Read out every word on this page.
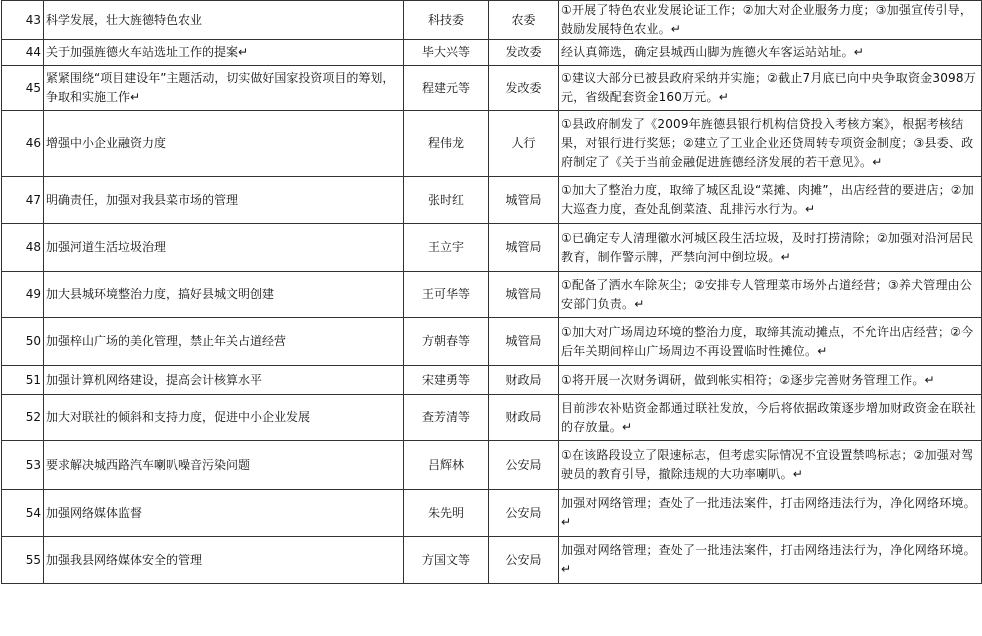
43	科学发展，壮大旌德特色农业	科技委	农委	①开展了特色农业发展论证工作；②加大对企业服务力度；③加强宣传引导，鼓励发展特色农业。↵
44	关于加强旌德火车站选址工作的提案↵	毕大兴等	发改委	经认真筛选，确定县城西山脚为旌德火车客运站站址。↵
45	紧紧围绕“项目建设年”主题活动，切实做好国家投资项目的筹划，争取和实施工作↵	程建元等	发改委	①建议大部分已被县政府采纳并实施；②截止7月底已向中央争取资金3098万元，省级配套资金160万元。↵
46	增强中小企业融资力度	程伟龙	人行	①县政府制发了《2009年旌德县银行机构信贷投入考核方案》，根据考核结果，对银行进行奖惩；②建立了工业企业还贷周转专项资金制度；③县委、政府制定了《关于当前金融促进旌德经济发展的若干意见》。↵
47	明确责任，加强对我县菜市场的管理	张时红	城管局	①加大了整治力度，取缔了城区乱设“菜摊、肉摊”，出店经营的要进店；②加大巡查力度，查处乱倒菜渣、乱排污水行为。↵
48	加强河道生活垃圾治理	王立宇	城管局	①已确定专人清理徽水河城区段生活垃圾，及时打捞清除；②加强对沿河居民教育，制作警示牌，严禁向河中倒垃圾。↵
49	加大县城环境整治力度，搞好县城文明创建	王可华等	城管局	①配备了洒水车除灰尘；②安排专人管理菜市场外占道经营；③养犬管理由公安部门负责。↵
50	加强梓山广场的美化管理，禁止年关占道经营	方朝春等	城管局	①加大对广场周边环境的整治力度，取缔其流动摊点，不允许出店经营；②今后年关期间梓山广场周边不再设置临时性摊位。↵
51	加强计算机网络建设，提高会计核算水平	宋建勇等	财政局	①将开展一次财务调研，做到帐实相符；②逐步完善财务管理工作。↵
52	加大对联社的倾斜和支持力度，促进中小企业发展	查芳清等	财政局	目前涉农补贴资金都通过联社发放，今后将依据政策逐步增加财政资金在联社的存放量。↵
53	要求解决城西路汽车喇叭噪音污染问题	吕辉林	公安局	①在该路段设立了限速标志，但考虑实际情况不宜设置禁鸣标志；②加强对驾驶员的教育引导，撤除违规的大功率喇叭。↵
54	加强网络媒体监督	朱先明	公安局	加强对网络管理；查处了一批违法案件，打击网络违法行为，净化网络环境。↵
55	加强我县网络媒体安全的管理	方国文等	公安局	加强对网络管理；查处了一批违法案件，打击网络违法行为，净化网络环境。↵
